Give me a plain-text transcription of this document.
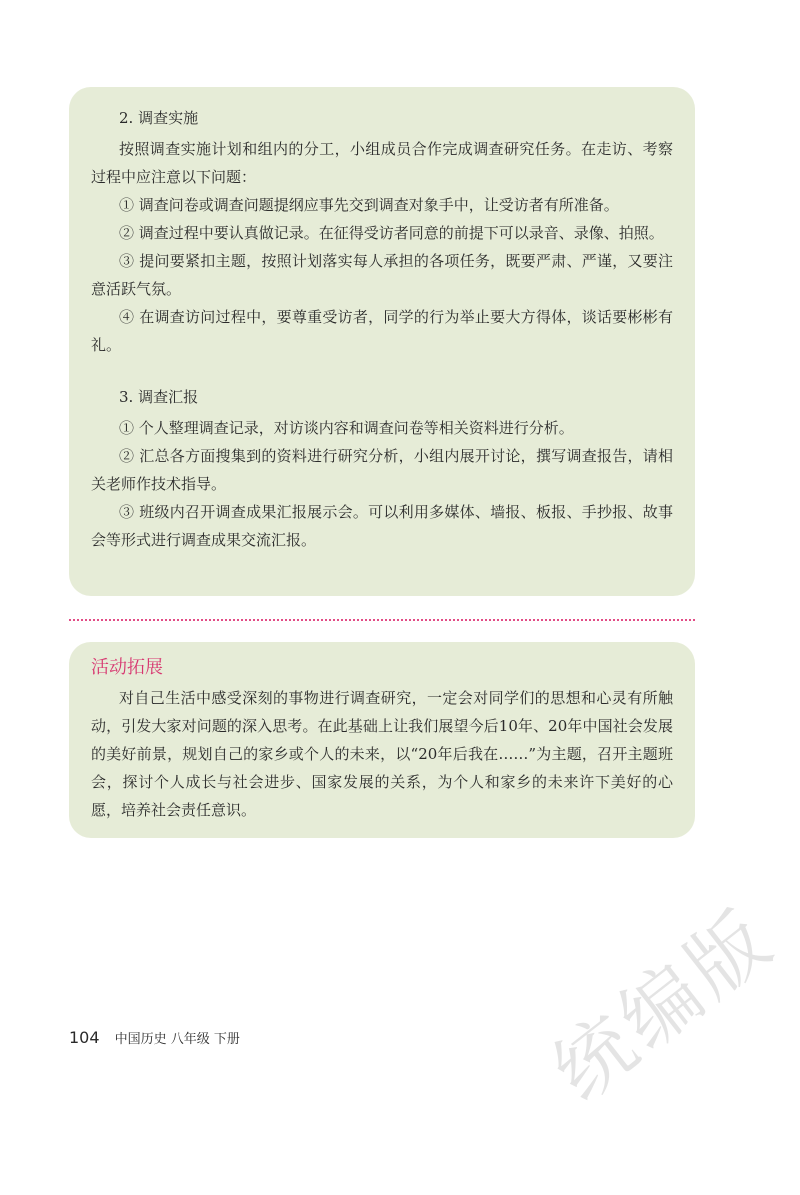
2. 调查实施

按照调查实施计划和组内的分工，小组成员合作完成调查研究任务。在走访、考察过程中应注意以下问题：

① 调查问卷或调查问题提纲应事先交到调查对象手中，让受访者有所准备。

② 调查过程中要认真做记录。在征得受访者同意的前提下可以录音、录像、拍照。

③ 提问要紧扣主题，按照计划落实每人承担的各项任务，既要严肃、严谨，又要注意活跃气氛。

④ 在调查访问过程中，要尊重受访者，同学的行为举止要大方得体，谈话要彬彬有礼。

3. 调查汇报

① 个人整理调查记录，对访谈内容和调查问卷等相关资料进行分析。

② 汇总各方面搜集到的资料进行研究分析，小组内展开讨论，撰写调查报告，请相关老师作技术指导。

③ 班级内召开调查成果汇报展示会。可以利用多媒体、墙报、板报、手抄报、故事会等形式进行调查成果交流汇报。

活动拓展

对自己生活中感受深刻的事物进行调查研究，一定会对同学们的思想和心灵有所触动，引发大家对问题的深入思考。在此基础上让我们展望今后10年、20年中国社会发展的美好前景，规划自己的家乡或个人的未来，以“20年后我在……”为主题，召开主题班会，探讨个人成长与社会进步、国家发展的关系，为个人和家乡的未来许下美好的心愿，培养社会责任意识。

104 中国历史 八年级 下册	统编版
